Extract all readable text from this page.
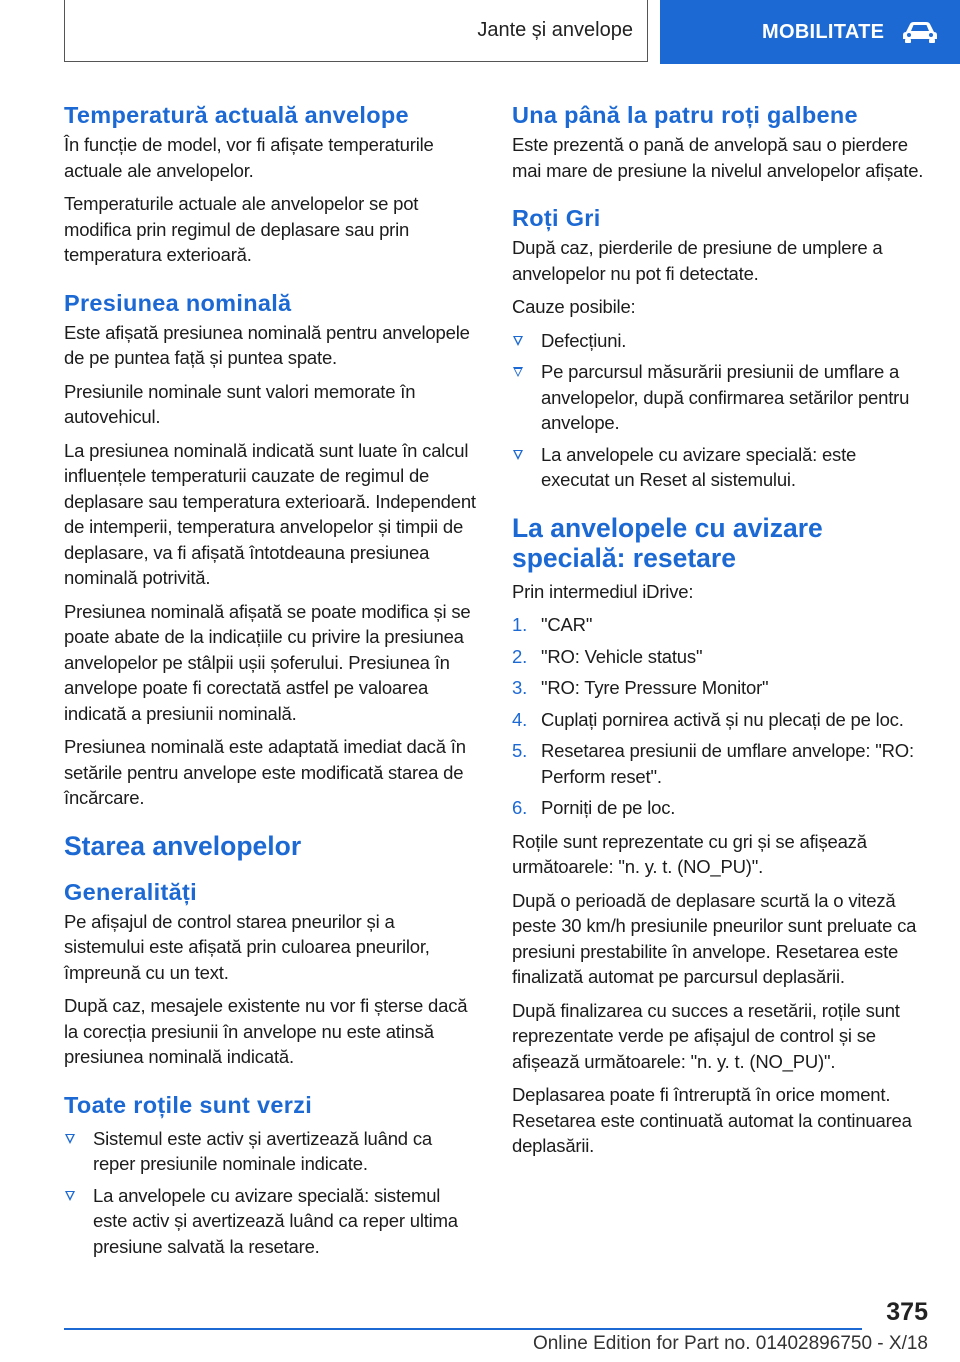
Jante și anvelope	MOBILITATE
Temperatură actuală anvelope

În funcție de model, vor fi afișate temperaturile actuale ale anvelopelor.

Temperaturile actuale ale anvelopelor se pot modifica prin regimul de deplasare sau prin temperatura exterioară.

Presiunea nominală

Este afișată presiunea nominală pentru anvelopele de pe puntea față și puntea spate.

Presiunile nominale sunt valori memorate în autovehicul.

La presiunea nominală indicată sunt luate în calcul influențele temperaturii cauzate de regimul de deplasare sau temperatura exterioară. Independent de intemperii, temperatura anvelopelor și timpii de deplasare, va fi afișată întotdeauna presiunea nominală potrivită.

Presiunea nominală afișată se poate modifica și se poate abate de la indicațiile cu privire la presiunea anvelopelor pe stâlpii ușii șoferului. Presiunea în anvelope poate fi corectată astfel pe valoarea indicată a presiunii nominală.

Presiunea nominală este adaptată imediat dacă în setările pentru anvelope este modificată starea de încărcare.

Starea anvelopelor
Generalități

Pe afișajul de control starea pneurilor și a sistemului este afișată prin culoarea pneurilor, împreună cu un text.

După caz, mesajele existente nu vor fi șterse dacă la corecția presiunii în anvelope nu este atinsă presiunea nominală indicată.

Toate roțile sunt verzi
Sistemul este activ și avertizează luând ca reper presiunile nominale indicate.
La anvelopele cu avizare specială: sistemul este activ și avertizează luând ca reper ultima presiune salvată la resetare.
Una până la patru roți galbene

Este prezentă o pană de anvelopă sau o pierdere mai mare de presiune la nivelul anvelopelor afișate.

Roți Gri

După caz, pierderile de presiune de umplere a anvelopelor nu pot fi detectate.

Cauze posibile:

Defecțiuni.
Pe parcursul măsurării presiunii de umflare a anvelopelor, după confirmarea setărilor pentru anvelope.
La anvelopele cu avizare specială: este executat un Reset al sistemului.
La anvelopele cu avizare specială: resetare

Prin intermediul iDrive:

1. "CAR"
2. "RO: Vehicle status"
3. "RO: Tyre Pressure Monitor"
4. Cuplați pornirea activă și nu plecați de pe loc.
5. Resetarea presiunii de umflare anvelope: "RO: Perform reset".
6. Porniți de pe loc.

Roțile sunt reprezentate cu gri și se afișează următoarele: "n. y. t. (NO_PU)".

După o perioadă de deplasare scurtă la o viteză peste 30 km/h presiunile pneurilor sunt preluate ca presiuni prestabilite în anvelope. Resetarea este finalizată automat pe parcursul deplasării.

După finalizarea cu succes a resetării, roțile sunt reprezentate verde pe afișajul de control și se afișează următoarele: "n. y. t. (NO_PU)".

Deplasarea poate fi întreruptă în orice moment. Resetarea este continuată automat la continuarea deplasării.

375
Online Edition for Part no. 01402896750 - X/18
